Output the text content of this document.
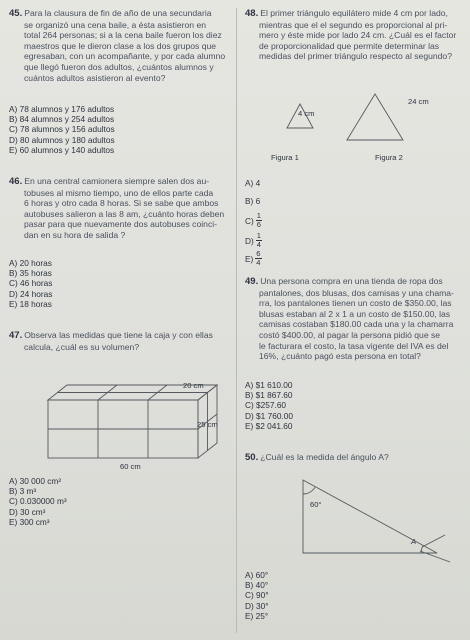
45. Para la clausura de fin de año de una secundaria
se organizó una cena baile, a ésta asistieron en
total 264 personas; si a la cena baile fueron los diez
maestros que le dieron clase a los dos grupos que
egresaban, con un acompañante, y por cada alumno
que llegó fueron dos adultos, ¿cuántos alumnos y
cuántos adultos asistieron al evento?
A) 78 alumnos y 176 adultos
B) 84 alumnos y 254 adultos
C) 78 alumnos y 156 adultos
D) 80 alumnos y 180 adultos
E) 60 alumnos y 140 adultos
46. En una central camionera siempre salen dos au-
tobuses al mismo tiempo, uno de ellos parte cada
6 horas y otro cada 8 horas. Si se sabe que ambos
autobuses salieron a las 8 am, ¿cuánto horas deben
pasar para que nuevamente dos autobuses coinci-
dan en su hora de salida ?
A) 20 horas
B) 35 horas
C) 46 horas
D) 24 horas
E) 18 horas
47. Observa las medidas que tiene la caja y con ellas
calcula, ¿cuál es su volumen?
20 cm
25 cm
60 cm
A) 30 000 cm²
B) 3 m³
C) 0.030000 m³
D) 30 cm³
E) 300 cm³
48. El primer triángulo equilátero mide 4 cm por lado,
mientras que el el segundo es proporcional al pri-
mero y éste mide por lado 24 cm. ¿Cuál es el factor
de proporcionalidad que permite determinar las
medidas del primer triángulo respecto al segundo?
4 cm
24 cm
Figura 1	Figura 2
A) 4
B) 6
$C) \frac{1}{6}$
$D) \frac{1}{4}$
$E) \frac{6}{4}$
49. Una persona compra en una tienda de ropa dos
pantalones, dos blusas, dos camisas y una chama-
rra, los pantalones tienen un costo de $350.00, las
blusas estaban al 2 x 1 a un costo de $150.00, las
camisas costaban $180.00 cada una y la chamarra
costó $400.00, al pagar la persona pidió que se
le facturara el costo, la tasa vigente del IVA es del
16%, ¿cuánto pagó esta persona en total?
A) $1 610.00
B) $1 867.60
C) $257.60
D) $1 760.00
E) $2 041.60
50. ¿Cuál es la medida del ángulo A?
60°
A
A) 60°
B) 40°
C) 90°
D) 30°
E) 25°
